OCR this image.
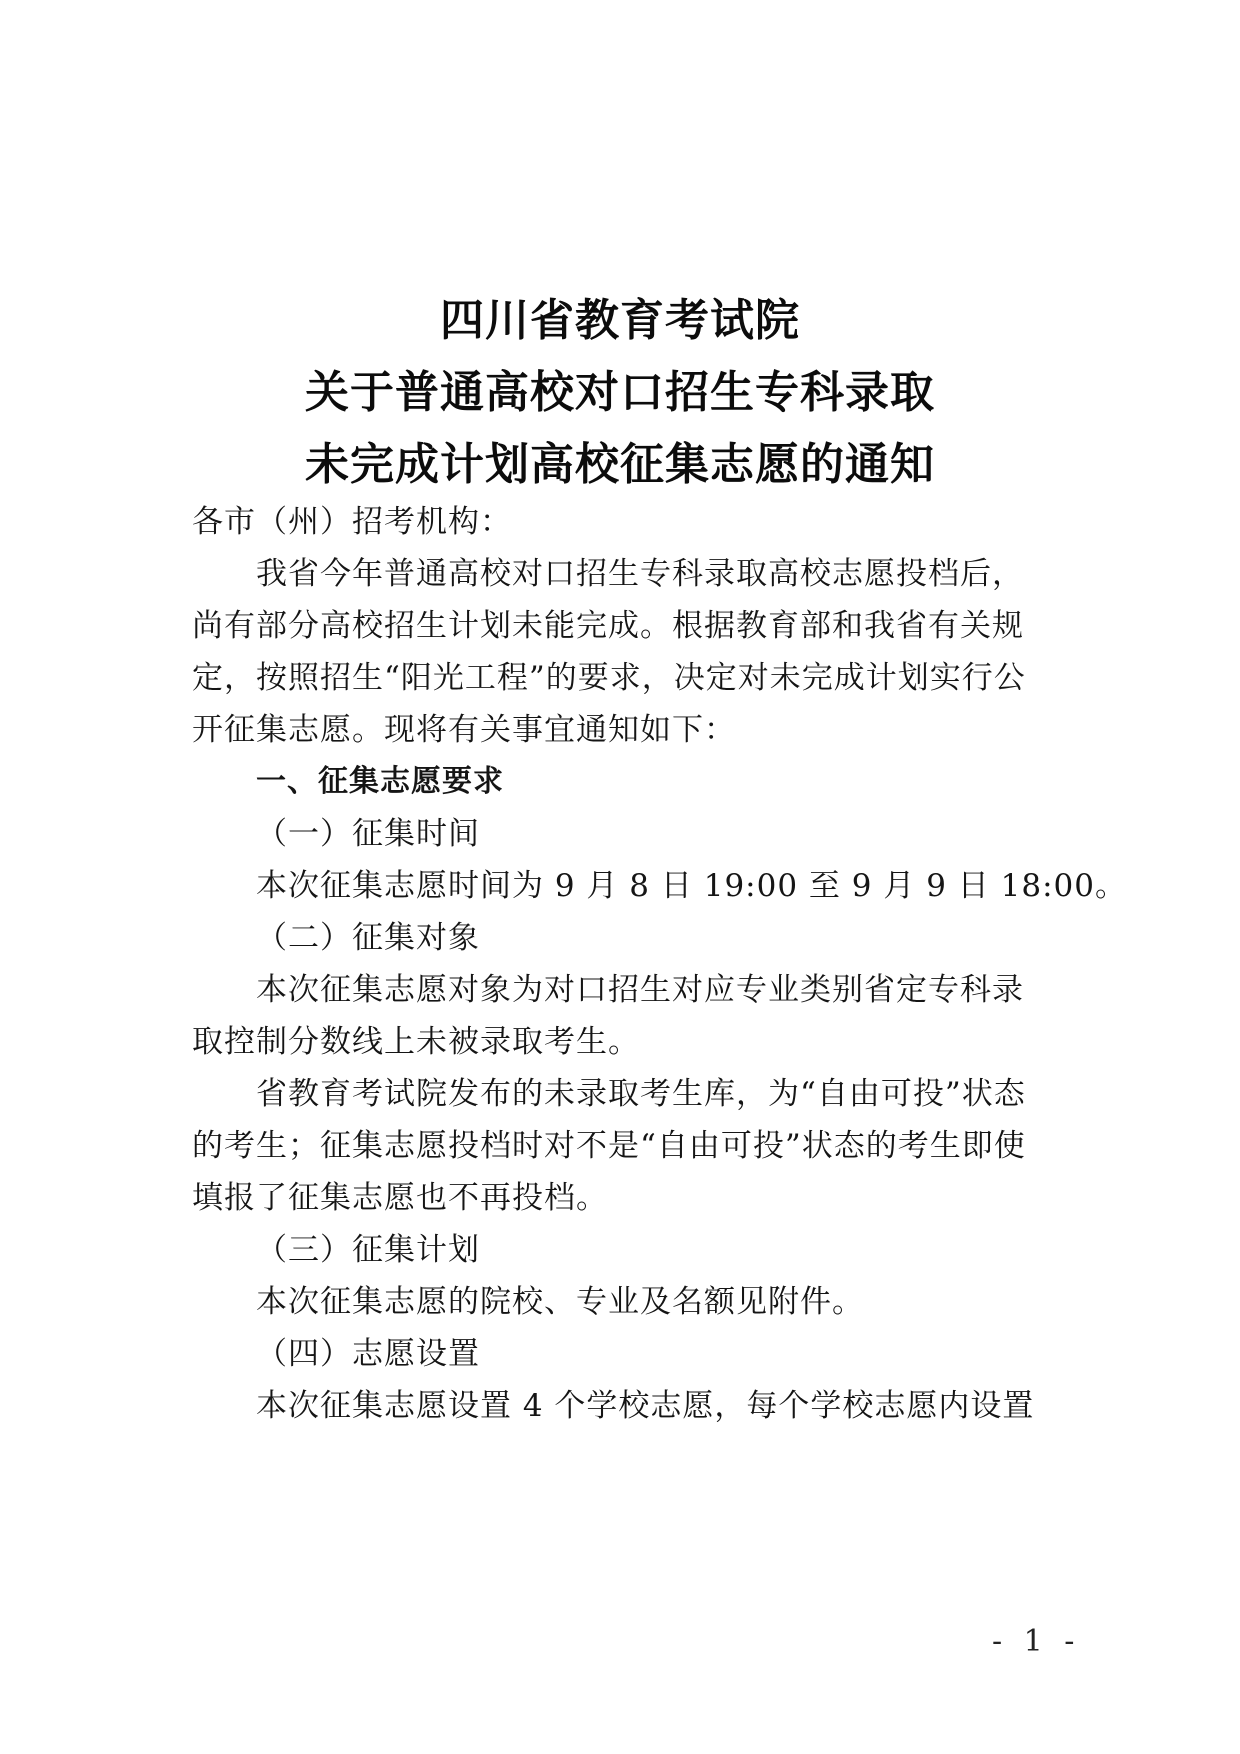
四川省教育考试院
关于普通高校对口招生专科录取
未完成计划高校征集志愿的通知
各市（州）招考机构：
我省今年普通高校对口招生专科录取高校志愿投档后，
尚有部分高校招生计划未能完成。根据教育部和我省有关规
定，按照招生“阳光工程”的要求，决定对未完成计划实行公
开征集志愿。现将有关事宜通知如下：
一、征集志愿要求
（一）征集时间
本次征集志愿时间为 9 月 8 日 19:00 至 9 月 9 日 18:00。
（二）征集对象
本次征集志愿对象为对口招生对应专业类别省定专科录
取控制分数线上未被录取考生。
省教育考试院发布的未录取考生库，为“自由可投”状态
的考生；征集志愿投档时对不是“自由可投”状态的考生即使
填报了征集志愿也不再投档。
（三）征集计划
本次征集志愿的院校、专业及名额见附件。
（四）志愿设置
本次征集志愿设置 4 个学校志愿，每个学校志愿内设置
- 1 -
